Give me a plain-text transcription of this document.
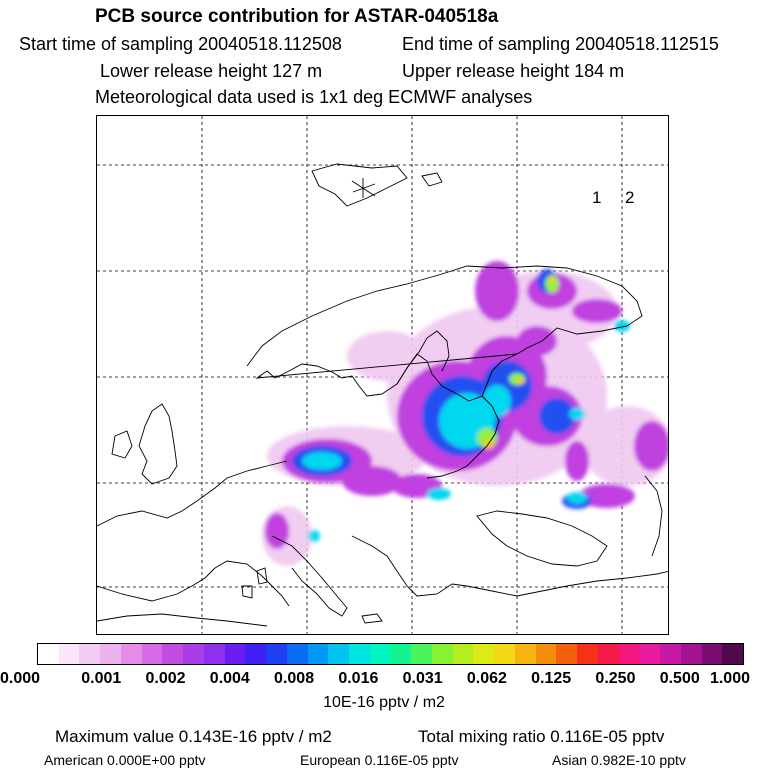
PCB source contribution for ASTAR-040518a
Start time of sampling 20040518.112508	End time of sampling 20040518.112515
Lower release height 127 m	Upper release height 184 m
Meteorological data used is 1x1 deg ECMWF analyses
1 2
0.000	0.001 0.002 0.004 0.008 0.016 0.031 0.062 0.125 0.250 0.500 1.000
10E-16 pptv / m2
Maximum value 0.143E-16 pptv / m2	Total mixing ratio 0.116E-05 pptv
American 0.000E+00 pptv	European 0.116E-05 pptv	Asian 0.982E-10 pptv
